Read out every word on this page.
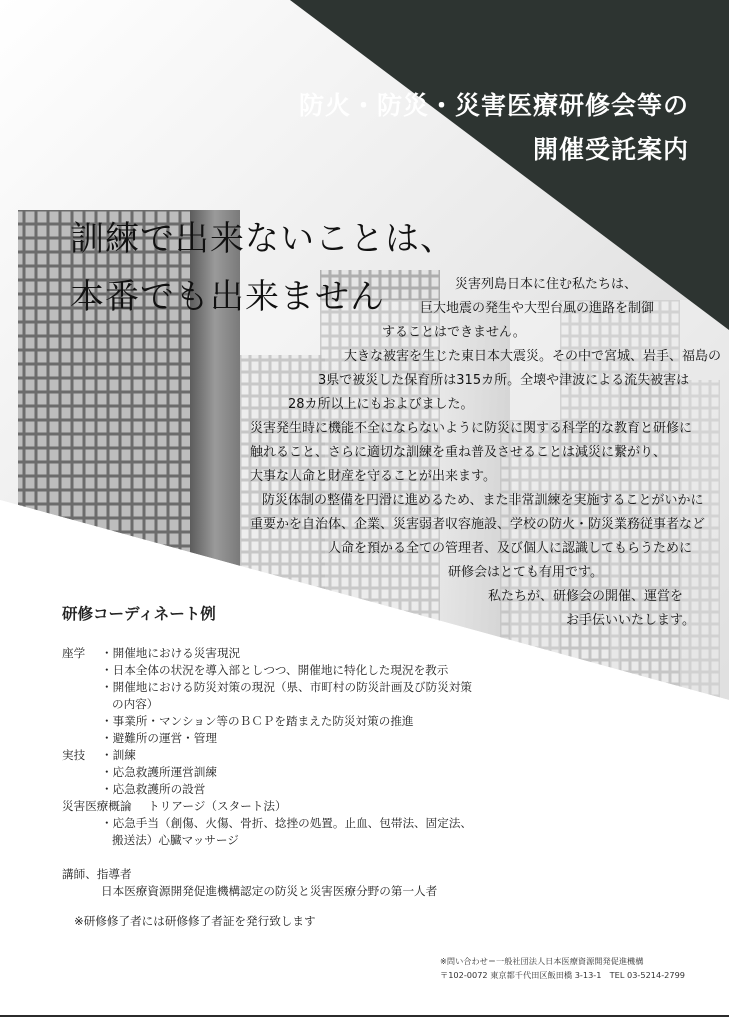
防火・防災・災害医療研修会等の
開催受託案内
訓練で出来ないことは、
本番でも出来ません	災害列島日本に住む私たちは、
巨大地震の発生や大型台風の進路を制御
することはできません。
大きな被害を生じた東日本大震災。その中で宮城、岩手、福島の
3県で被災した保育所は315カ所。全壊や津波による流失被害は
28カ所以上にもおよびました。
災害発生時に機能不全にならないように防災に関する科学的な教育と研修に
触れること、さらに適切な訓練を重ね普及させることは減災に繋がり、
大事な人命と財産を守ることが出来ます。
防災体制の整備を円滑に進めるため、また非常訓練を実施することがいかに
重要かを自治体、企業、災害弱者収容施設、学校の防火・防災業務従事者など
人命を預かる全ての管理者、及び個人に認識してもらうために
研修会はとても有用です。
私たちが、研修会の開催、運営を
お手伝いいたします。
研修コーディネート例
座学 ・開催地における災害現況
・日本全体の状況を導入部としつつ、開催地に特化した現況を教示
・開催地における防災対策の現況（県、市町村の防災計画及び防災対策
の内容）
・事業所・マンション等のＢＣＰを踏まえた防災対策の推進
・避難所の運営・管理
実技 ・訓練
・応急救護所運営訓練
・応急救護所の設営
災害医療概論 トリアージ（スタート法）
・応急手当（創傷、火傷、骨折、捻挫の処置。止血、包帯法、固定法、
搬送法）心臓マッサージ
講師、指導者
日本医療資源開発促進機構認定の防災と災害医療分野の第一人者
※研修修了者には研修修了者証を発行致します
※問い合わせ＝一般社団法人日本医療資源開発促進機構
〒102-0072 東京都千代田区飯田橋 3-13-1　TEL 03-5214-2799
